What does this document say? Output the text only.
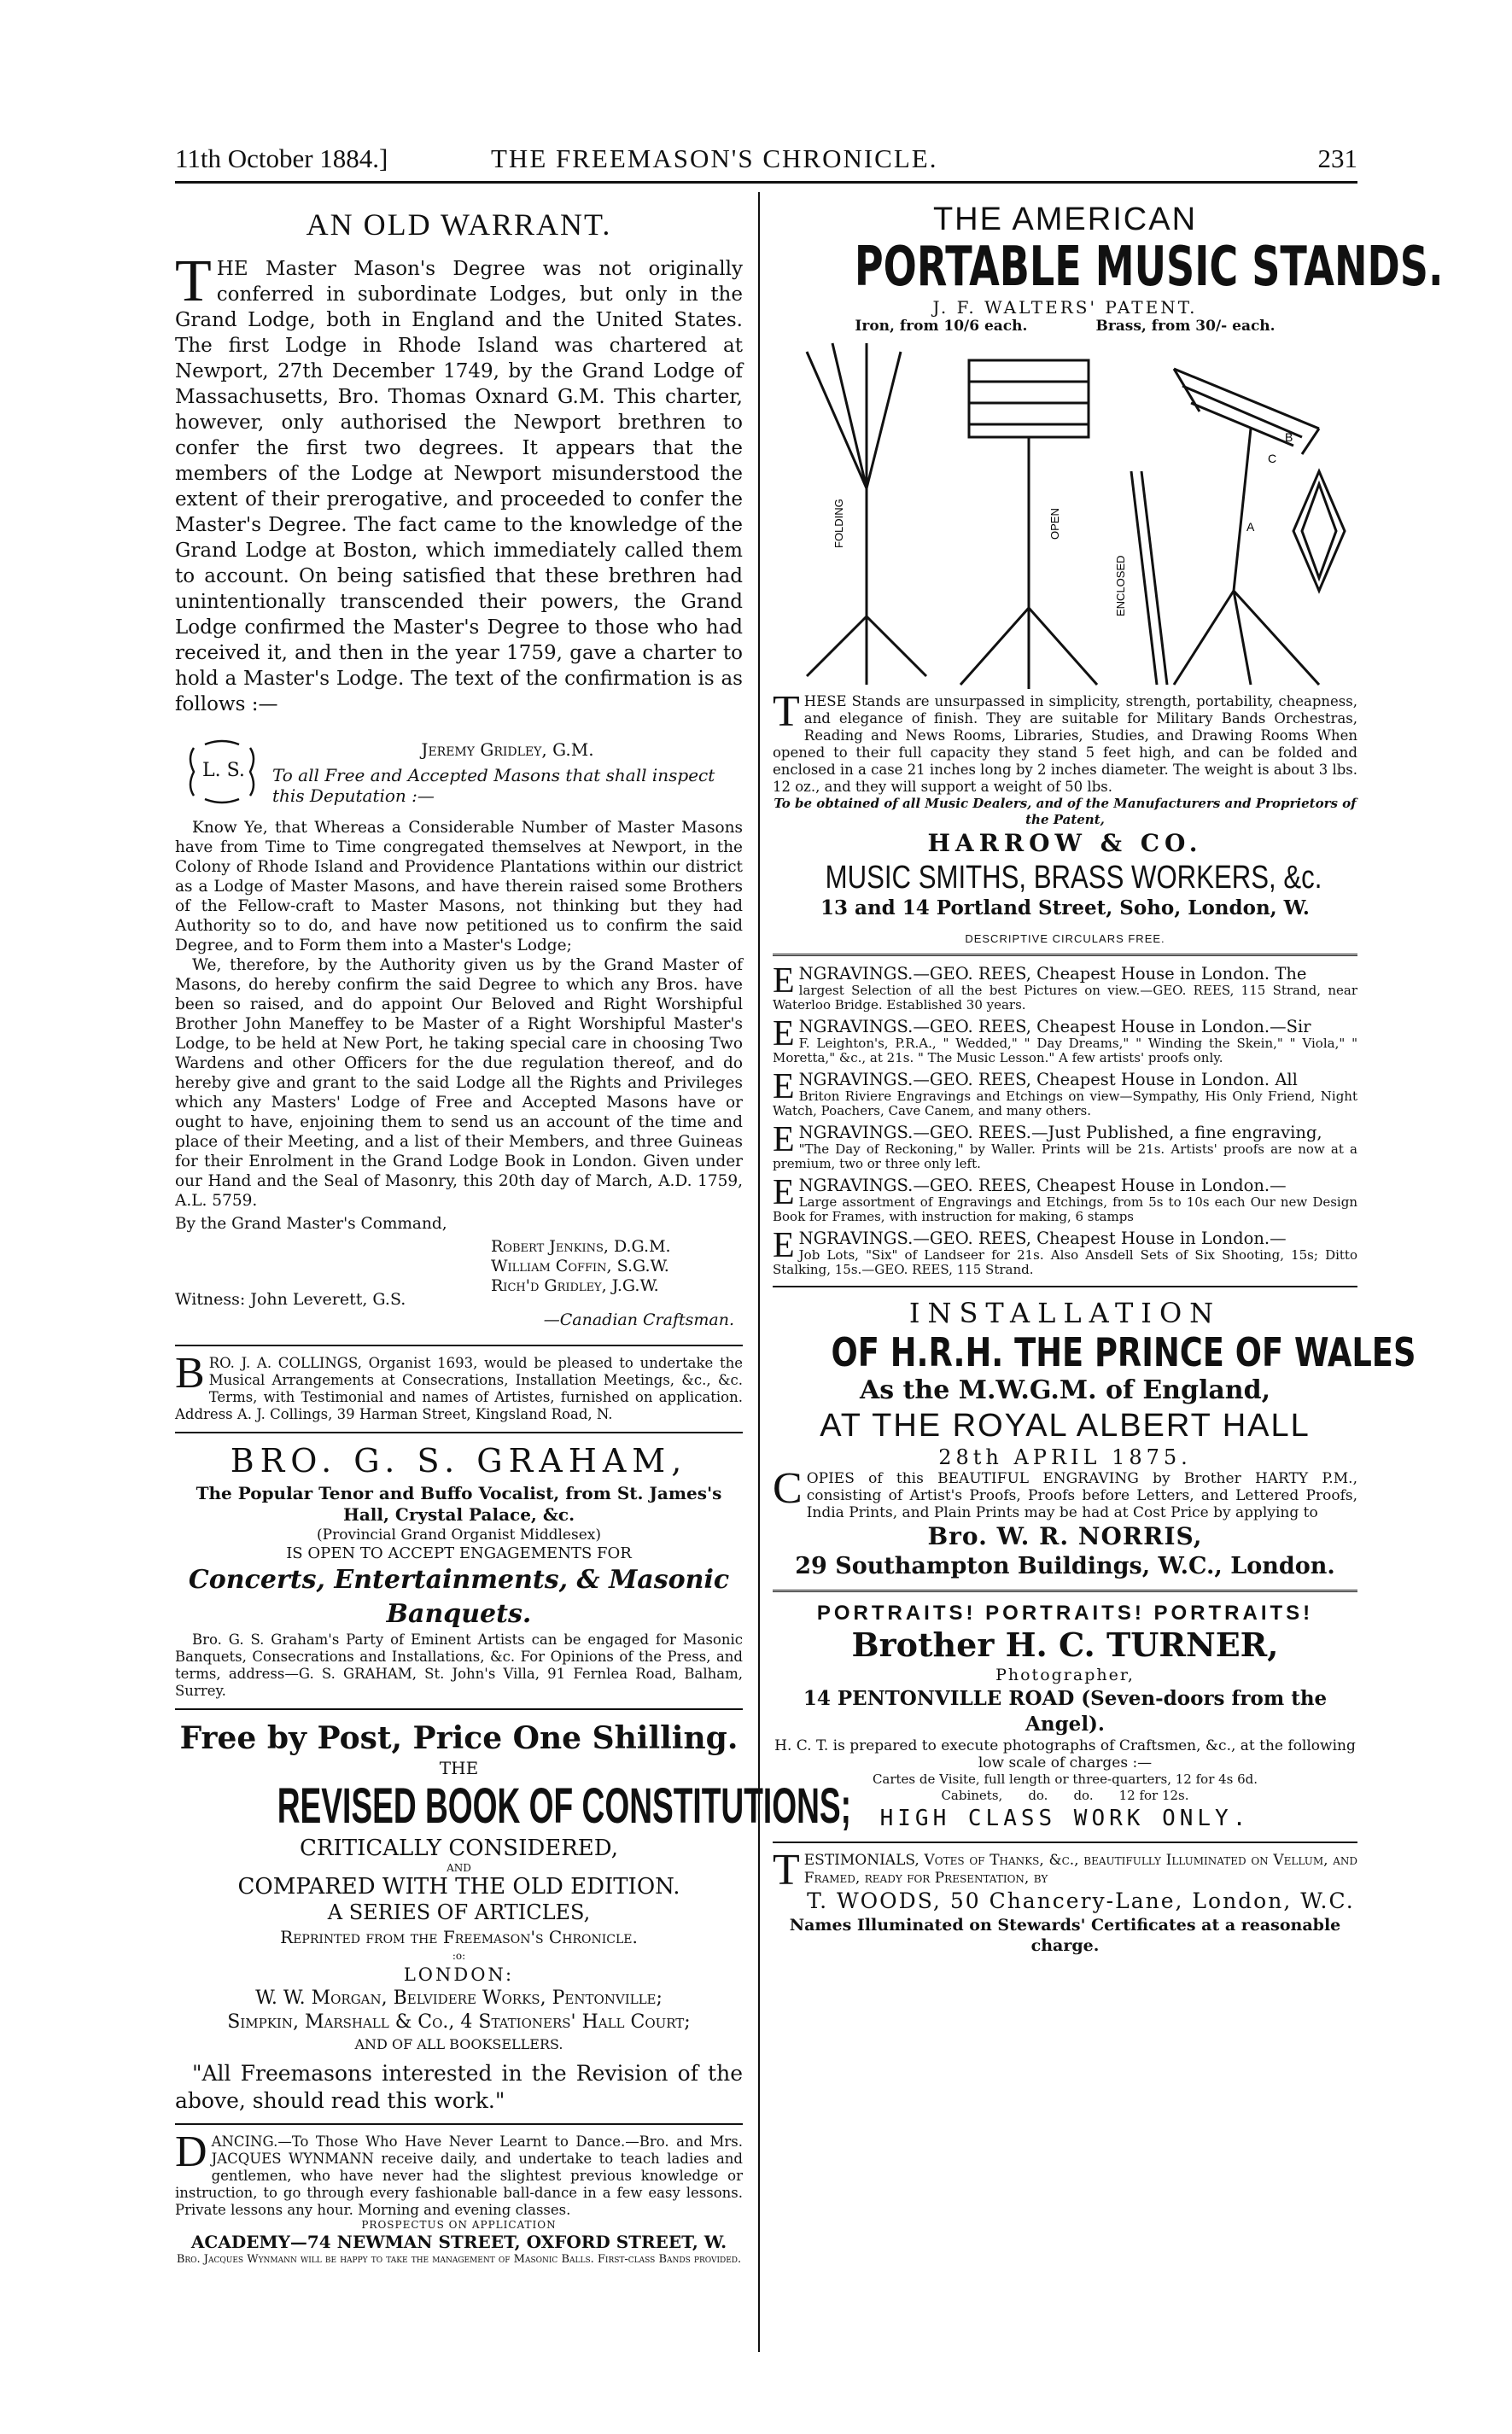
11th October 1884.]	THE FREEMASON'S CHRONICLE.	231
AN OLD WARRANT.

THE Master Mason's Degree was not originally conferred in subordinate Lodges, but only in the Grand Lodge, both in England and the United States. The first Lodge in Rhode Island was chartered at Newport, 27th December 1749, by the Grand Lodge of Massachusetts, Bro. Thomas Oxnard G.M. This charter, however, only authorised the Newport brethren to confer the first two degrees. It appears that the members of the Lodge at Newport misunderstood the extent of their prerogative, and proceeded to confer the Master's Degree. The fact came to the knowledge of the Grand Lodge at Boston, which immediately called them to account. On being satisfied that these brethren had unintentionally transcended their powers, the Grand Lodge confirmed the Master's Degree to those who had received it, and then in the year 1759, gave a charter to hold a Master's Lodge. The text of the confirmation is as follows :—

L. S.

Jeremy Gridley, G.M.

To all Free and Accepted Masons that shall inspect this Deputation :—

Know Ye, that Whereas a Considerable Number of Master Masons have from Time to Time congregated themselves at Newport, in the Colony of Rhode Island and Providence Plantations within our district as a Lodge of Master Masons, and have therein raised some Brothers of the Fellow-craft to Master Masons, not thinking but they had Authority so to do, and have now petitioned us to confirm the said Degree, and to Form them into a Master's Lodge;

We, therefore, by the Authority given us by the Grand Master of Masons, do hereby confirm the said Degree to which any Bros. have been so raised, and do appoint Our Beloved and Right Worshipful Brother John Maneffey to be Master of a Right Worshipful Master's Lodge, to be held at New Port, he taking special care in choosing Two Wardens and other Officers for the due regulation thereof, and do hereby give and grant to the said Lodge all the Rights and Privileges which any Masters' Lodge of Free and Accepted Masons have or ought to have, enjoining them to send us an account of the time and place of their Meeting, and a list of their Members, and three Guineas for their Enrolment in the Grand Lodge Book in London. Given under our Hand and the Seal of Masonry, this 20th day of March, A.D. 1759, A.L. 5759.

By the Grand Master's Command,

Robert Jenkins, D.G.M.

William Coffin, S.G.W.

Rich'd Gridley, J.G.W.

Witness: John Leverett, G.S.

—Canadian Craftsman.

BRO. J. A. COLLINGS, Organist 1693, would be pleased to undertake the Musical Arrangements at Consecrations, Installation Meetings, &c., &c. Terms, with Testimonial and names of Artistes, furnished on application. Address A. J. Collings, 39 Harman Street, Kingsland Road, N.

BRO. G. S. GRAHAM,

The Popular Tenor and Buffo Vocalist, from St. James's Hall, Crystal Palace, &c.

(Provincial Grand Organist Middlesex)

IS OPEN TO ACCEPT ENGAGEMENTS FOR

Concerts, Entertainments, & Masonic Banquets.

Bro. G. S. Graham's Party of Eminent Artists can be engaged for Masonic Banquets, Consecrations and Installations, &c. For Opinions of the Press, and terms, address—G. S. GRAHAM, St. John's Villa, 91 Fernlea Road, Balham, Surrey.

Free by Post, Price One Shilling.

THE

REVISED BOOK OF CONSTITUTIONS;

CRITICALLY CONSIDERED,

AND

COMPARED WITH THE OLD EDITION.

A SERIES OF ARTICLES,

Reprinted from the Freemason's Chronicle.

:o:

LONDON:

W. W. Morgan, Belvidere Works, Pentonville;

Simpkin, Marshall & Co., 4 Stationers' Hall Court;

AND OF ALL BOOKSELLERS.

"All Freemasons interested in the Revision of the above, should read this work."

DANCING.—To Those Who Have Never Learnt to Dance.—Bro. and Mrs. JACQUES WYNMANN receive daily, and undertake to teach ladies and gentlemen, who have never had the slightest previous knowledge or instruction, to go through every fashionable ball-dance in a few easy lessons. Private lessons any hour. Morning and evening classes.

PROSPECTUS ON APPLICATION

ACADEMY—74 NEWMAN STREET, OXFORD STREET, W.

Bro. Jacques Wynmann will be happy to take the management of Masonic Balls. First-class Bands provided.

THE AMERICAN

PORTABLE MUSIC STANDS.

J. F. WALTERS' PATENT.

Iron, from 10/6 each.	Brass, from 30/- each.
FOLDING	OPEN
ENCLOSED
B
C
A

THESE Stands are unsurpassed in simplicity, strength, portability, cheapness, and elegance of finish. They are suitable for Military Bands Orchestras, Reading and News Rooms, Libraries, Studies, and Drawing Rooms When opened to their full capacity they stand 5 feet high, and can be folded and enclosed in a case 21 inches long by 2 inches diameter. The weight is about 3 lbs. 12 oz., and they will support a weight of 50 lbs.

To be obtained of all Music Dealers, and of the Manufacturers and Proprietors of the Patent,

HARROW & CO.

MUSIC SMITHS, BRASS WORKERS, &c.

13 and 14 Portland Street, Soho, London, W.

DESCRIPTIVE CIRCULARS FREE.

E NGRAVINGS.—GEO. REES, Cheapest House in London. The

largest Selection of all the best Pictures on view.—GEO. REES, 115 Strand, near Waterloo Bridge. Established 30 years.

E NGRAVINGS.—GEO. REES, Cheapest House in London.—Sir

F. Leighton's, P.R.A., " Wedded," " Day Dreams," " Winding the Skein," " Viola," " Moretta," &c., at 21s. " The Music Lesson." A few artists' proofs only.

E NGRAVINGS.—GEO. REES, Cheapest House in London. All

Briton Riviere Engravings and Etchings on view—Sympathy, His Only Friend, Night Watch, Poachers, Cave Canem, and many others.

E NGRAVINGS.—GEO. REES.—Just Published, a fine engraving,

"The Day of Reckoning," by Waller. Prints will be 21s. Artists' proofs are now at a premium, two or three only left.

E NGRAVINGS.—GEO. REES, Cheapest House in London.—

Large assortment of Engravings and Etchings, from 5s to 10s each Our new Design Book for Frames, with instruction for making, 6 stamps

E NGRAVINGS.—GEO. REES, Cheapest House in London.—

Job Lots, "Six" of Landseer for 21s. Also Ansdell Sets of Six Shooting, 15s; Ditto Stalking, 15s.—GEO. REES, 115 Strand.

INSTALLATION

OF H.R.H. THE PRINCE OF WALES

As the M.W.G.M. of England,

AT THE ROYAL ALBERT HALL

28th APRIL 1875.

COPIES of this BEAUTIFUL ENGRAVING by Brother HARTY P.M., consisting of Artist's Proofs, Proofs before Letters, and Lettered Proofs, India Prints, and Plain Prints may be had at Cost Price by applying to

Bro. W. R. NORRIS,

29 Southampton Buildings, W.C., London.

PORTRAITS! PORTRAITS! PORTRAITS!

Brother H. C. TURNER,

Photographer,

14 PENTONVILLE ROAD (Seven-doors from the Angel).

H. C. T. is prepared to execute photographs of Craftsmen, &c., at the following low scale of charges :—

Cartes de Visite, full length or three-quarters, 12 for 4s 6d.

Cabinets, do. do. 12 for 12s.

HIGH CLASS WORK ONLY.

TESTIMONIALS, Votes of Thanks, &c., beautifully Illuminated on Vellum, and Framed, ready for Presentation, by

T. WOODS, 50 Chancery-Lane, London, W.C.

Names Illuminated on Stewards' Certificates at a reasonable charge.
